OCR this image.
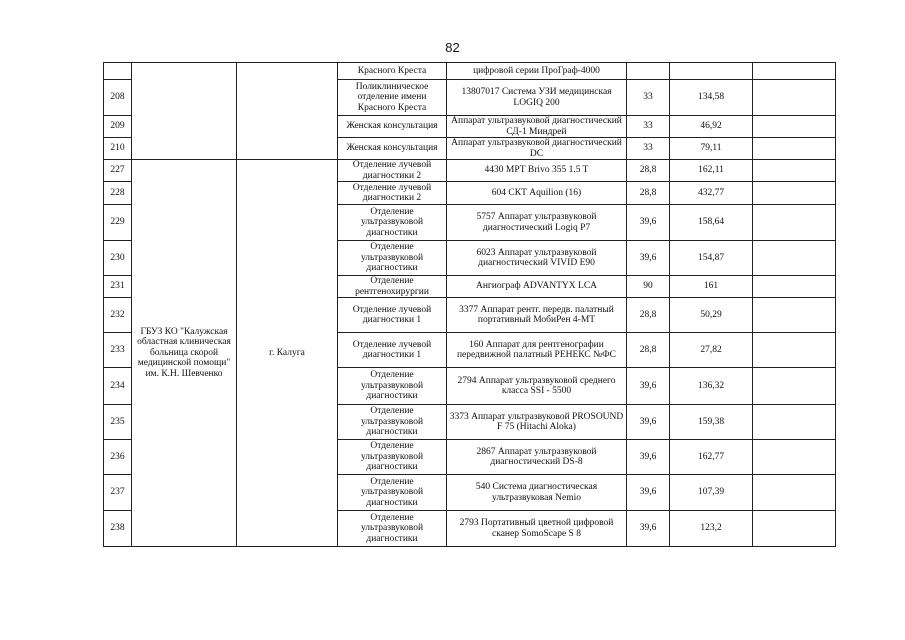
82
			Красного Креста	цифровой серии ПроГраф-4000			
208			Поликлиническое отделение имени Красного Креста	13807017 Система УЗИ медицинская LOGIQ 200	33	134,58	
209			Женская консультация	Аппарат ультразвуковой диагностический СД-1 Миндрей	33	46,92	
210			Женская консультация	Аппарат ультразвуковой диагностический DC	33	79,11	
227	ГБУЗ КО "Калужская областная клиническая больница скорой медицинской помощи" им. К.Н. Шевченко	г. Калуга	Отделение лучевой диагностики 2	4430 МРТ Brivo 355 1.5 T	28,8	162,11	
228			Отделение лучевой диагностики 2	604 СКТ Aquilion (16)	28,8	432,77	
229			Отделение ультразвуковой диагностики	5757 Аппарат ультразвуковой диагностический Logiq P7	39,6	158,64	
230			Отделение ультразвуковой диагностики	6023 Аппарат ультразвуковой диагностический VIVID E90	39,6	154,87	
231			Отделение рентгенохирургии	Ангиограф ADVANTYX LCA	90	161	
232			Отделение лучевой диагностики 1	3377 Аппарат рентг. передв. палатный портативный МобиРен 4-МТ	28,8	50,29	
233			Отделение лучевой диагностики 1	160 Аппарат для рентгенографии передвижной палатный РЕНЕКС №ФС	28,8	27,82	
234			Отделение ультразвуковой диагностики	2794 Аппарат ультразвуковой среднего класса SSI - 5500	39,6	136,32	
235			Отделение ультразвуковой диагностики	3373 Аппарат ультразвуковой PROSOUND F 75 (Hitachi Aloka)	39,6	159,38	
236			Отделение ультразвуковой диагностики	2867 Аппарат ультразвуковой диагностический DS-8	39,6	162,77	
237			Отделение ультразвуковой диагностики	540 Система диагностическая ультразвуковая Nemio	39,6	107,39	
238			Отделение ультразвуковой диагностики	2793 Портативный цветной цифровой сканер SomoScape S 8	39,6	123,2	
